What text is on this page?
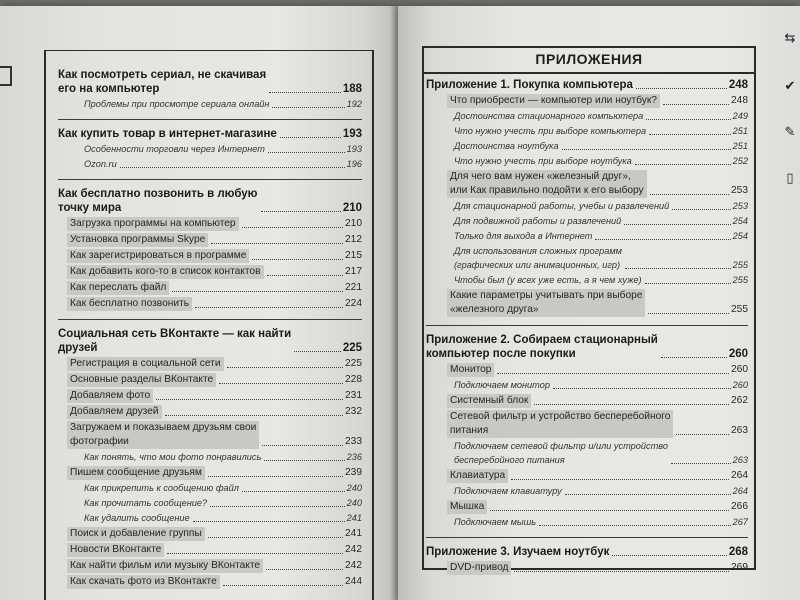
Как посмотреть сериал, не скачивая
его на компьютер	188
Проблемы при просмотре сериала онлайн	192
Как купить товар в интернет-магазине	193
Особенности торговли через Интернет	193
Ozon.ru	196
Как бесплатно позвонить в любую
точку мира	210
Загрузка программы на компьютер	210
Установка программы Skype	212
Как зарегистрироваться в программе	215
Как добавить кого-то в список контактов	217
Как переслать файл	221
Как бесплатно позвонить	224
Социальная сеть ВКонтакте — как найти
друзей	225
Регистрация в социальной сети	225
Основные разделы ВКонтакте	228
Добавляем фото	231
Добавляем друзей	232
Загружаем и показываем друзьям свои
фотографии	233
Как понять, что мои фото понравились	236
Пишем сообщение друзьям	239
Как прикрепить к сообщению файл	240
Как прочитать сообщение?	240
Как удалить сообщение	241
Поиск и добавление группы	241
Новости ВКонтакте	242
Как найти фильм или музыку ВКонтакте	242
Как скачать фото из ВКонтакте	244
ПРИЛОЖЕНИЯ
Приложение 1. Покупка компьютера	248
Что приобрести — компьютер или ноутбук?	248
Достоинства стационарного компьютера	249
Что нужно учесть при выборе компьютера	251
Достоинства ноутбука	251
Что нужно учесть при выборе ноутбука	252
Для чего вам нужен «железный друг»,
или Как правильно подойти к его выбору	253
Для стационарной работы, учебы и развлечений	253
Для подвижной работы и развлечений	254
Только для выхода в Интернет	254
Для использования сложных программ
(графических или анимационных, игр)	255
Чтобы был (у всех уже есть, а я чем хуже)	255
Какие параметры учитывать при выборе
«железного друга»	255
Приложение 2. Собираем стационарный
компьютер после покупки	260
Монитор	260
Подключаем монитор	260
Системный блок	262
Сетевой фильтр и устройство бесперебойного
питания	263
Подключаем сетевой фильтр и/или устройство
бесперебойного питания	263
Клавиатура	264
Подключаем клавиатуру	264
Мышка	266
Подключаем мышь	267
Приложение 3. Изучаем ноутбук	268
DVD-привод	269
⇆
✔
✎
▯
